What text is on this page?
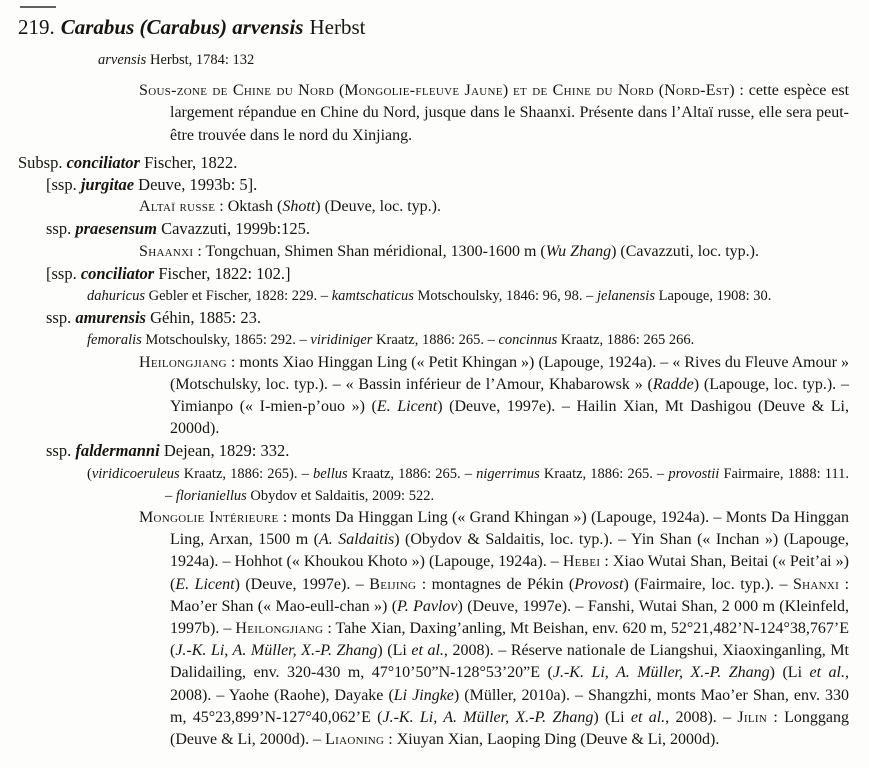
219. Carabus (Carabus) arvensis Herbst

arvensis Herbst, 1784: 132

Sous-zone de Chine du Nord (Mongolie-fleuve Jaune) et de Chine du Nord (Nord-Est) : cette espèce est largement répandue en Chine du Nord, jusque dans le Shaanxi. Présente dans l’Altaï russe, elle sera peut-être trouvée dans le nord du Xinjiang.

Subsp. conciliator Fischer, 1822.

[ssp. jurgitae Deuve, 1993b: 5].

Altaï russe : Oktash (Shott) (Deuve, loc. typ.).

ssp. praesensum Cavazzuti, 1999b:125.

Shaanxi : Tongchuan, Shimen Shan méridional, 1300-1600 m (Wu Zhang) (Cavazzuti, loc. typ.).

[ssp. conciliator Fischer, 1822: 102.]

dahuricus Gebler et Fischer, 1828: 229. – kamtschaticus Motschoulsky, 1846: 96, 98. – jelanensis Lapouge, 1908: 30.

ssp. amurensis Géhin, 1885: 23.

femoralis Motschoulsky, 1865: 292. – viridiniger Kraatz, 1886: 265. – concinnus Kraatz, 1886: 265 266.

Heilongjiang : monts Xiao Hinggan Ling (« Petit Khingan ») (Lapouge, 1924a). – « Rives du Fleuve Amour » (Motschulsky, loc. typ.). – « Bassin inférieur de l’Amour, Khabarowsk » (Radde) (Lapouge, loc. typ.). – Yimianpo (« I-mien-p’ouo ») (E. Licent) (Deuve, 1997e). – Hailin Xian, Mt Dashigou (Deuve & Li, 2000d).

ssp. faldermanni Dejean, 1829: 332.

(viridicoeruleus Kraatz, 1886: 265). – bellus Kraatz, 1886: 265. – nigerrimus Kraatz, 1886: 265. – provostii Fairmaire, 1888: 111. – florianiellus Obydov et Saldaitis, 2009: 522.

Mongolie Intérieure : monts Da Hinggan Ling (« Grand Khingan ») (Lapouge, 1924a). – Monts Da Hinggan Ling, Arxan, 1500 m (A. Saldaitis) (Obydov & Saldaitis, loc. typ.). – Yin Shan (« Inchan ») (Lapouge, 1924a). – Hohhot (« Khoukou Khoto ») (Lapouge, 1924a). – Hebei : Xiao Wutai Shan, Beitai (« Peit’ai ») (E. Licent) (Deuve, 1997e). – Beijing : montagnes de Pékin (Provost) (Fairmaire, loc. typ.). – Shanxi : Mao’er Shan (« Mao-eull-chan ») (P. Pavlov) (Deuve, 1997e). – Fanshi, Wutai Shan, 2 000 m (Kleinfeld, 1997b). – Heilongjiang : Tahe Xian, Daxing’anling, Mt Beishan, env. 620 m, 52°21,482’N-124°38,767’E (J.-K. Li, A. Müller, X.-P. Zhang) (Li et al., 2008). – Réserve nationale de Liangshui, Xiaoxinganling, Mt Dalidailing, env. 320-430 m, 47°10’50”N-128°53’20”E (J.-K. Li, A. Müller, X.-P. Zhang) (Li et al., 2008). – Yaohe (Raohe), Dayake (Li Jingke) (Müller, 2010a). – Shangzhi, monts Mao’er Shan, env. 330 m, 45°23,899’N-127°40,062’E (J.-K. Li, A. Müller, X.-P. Zhang) (Li et al., 2008). – Jilin : Longgang (Deuve & Li, 2000d). – Liaoning : Xiuyan Xian, Laoping Ding (Deuve & Li, 2000d).
